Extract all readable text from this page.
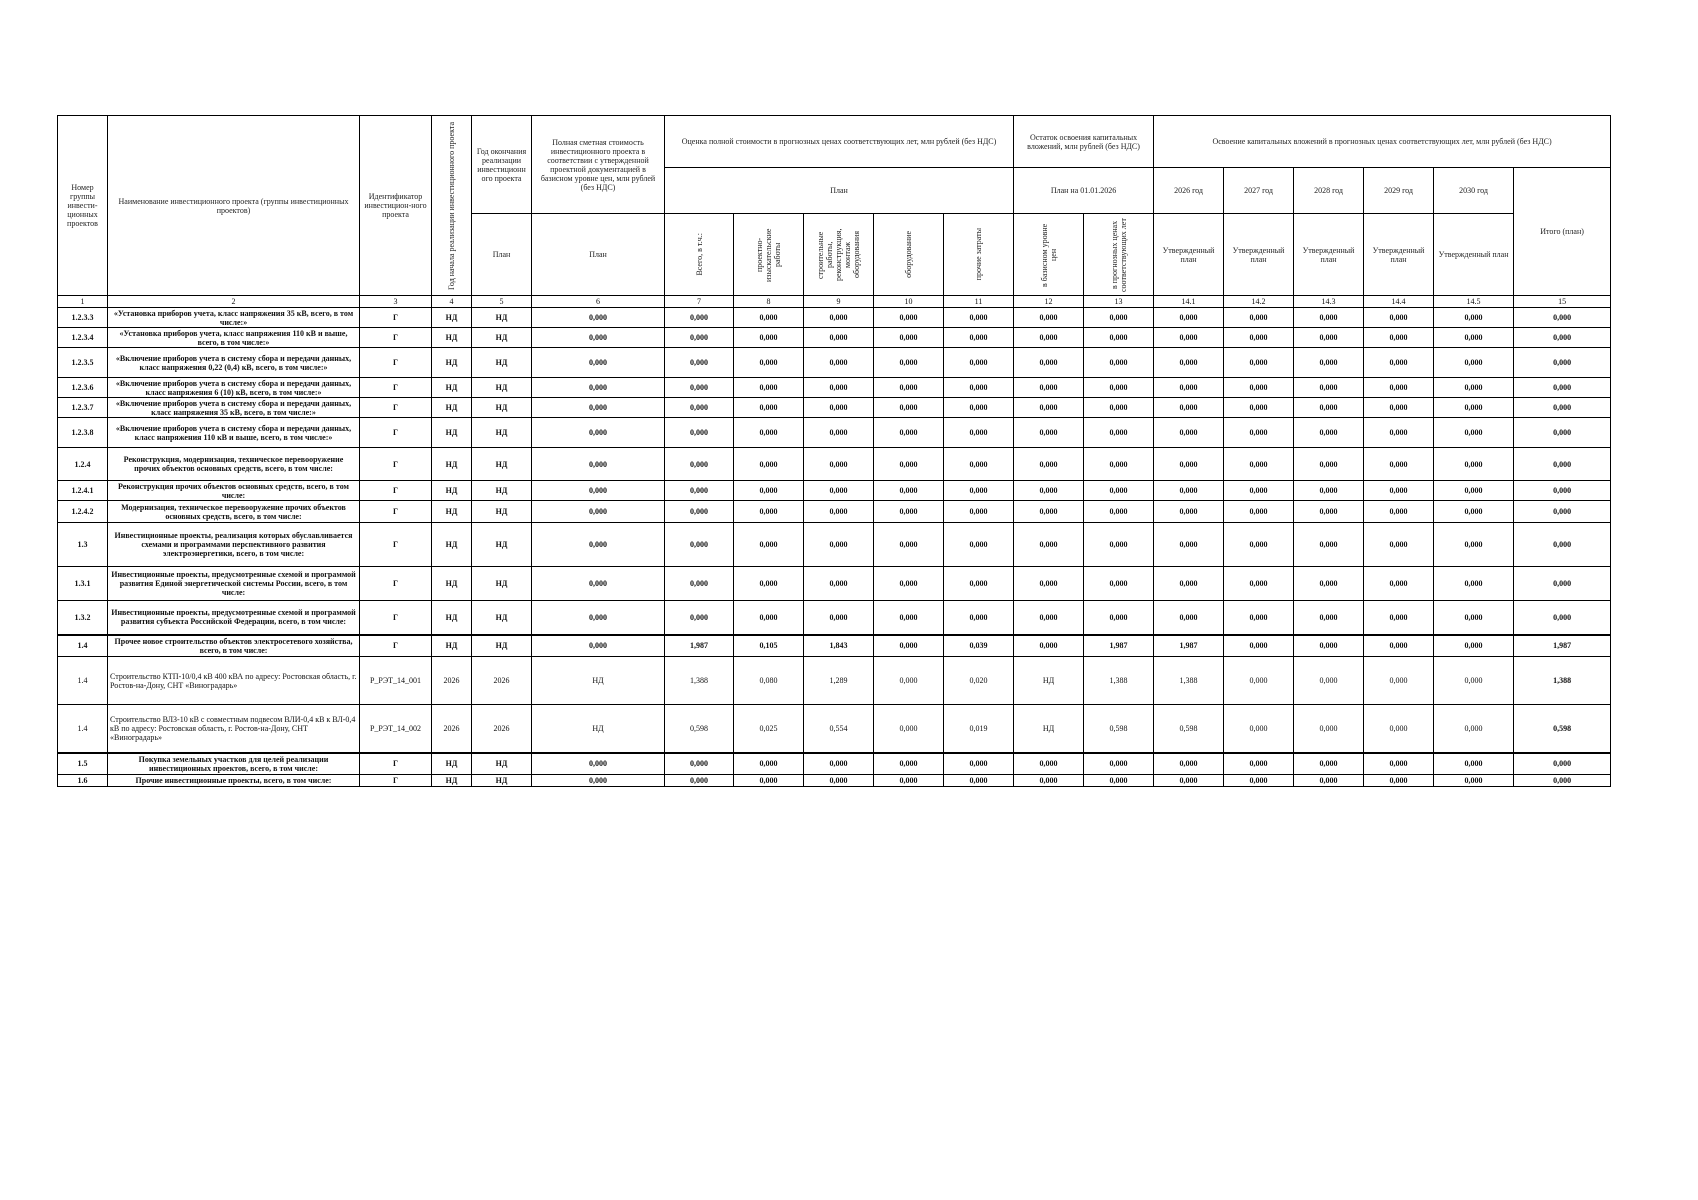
Номер группы инвести-ционных проектов	Наименование инвестиционного проекта (группы инвестиционных проектов)	Идентификатор инвестицион-ного проекта	Год начала реализации инвестиционного проекта	Год окончания реализации инвестиционн ого проекта	Полная сметная стоимость инвестиционного проекта в соответствии с утвержденной проектной документацией в базисном уровне цен, млн рублей (без НДС)	Оценка полной стоимости в прогнозных ценах соответствующих лет, млн рублей (без НДС)					Остаток освоения капитальных вложений, млн рублей (без НДС)		Освоение капитальных вложений в прогнозных ценах соответствующих лет, млн рублей (без НДС)					
						План					План на 01.01.2026		2026 год	2027 год	2028 год	2029 год	2030 год	Итого (план)

				План	План	Всего, в т.ч.:	проектно-изыскательские работы	строительные работы, реконструкция, монтаж оборудования	оборудование	прочие затраты	в базисном уровне цен	в прогнозных ценах соответствующих лет	Утвержденный план	Утвержденный план	Утвержденный план	Утвержденный план	Утвержденный план	
1	2	3	4	5	6	7	8	9	10	11	12	13	14.1	14.2	14.3	14.4	14.5	15
1.2.3.3	«Установка приборов учета, класс напряжения 35 кВ, всего, в том числе:»	Г	НД	НД	0,000	0,000	0,000	0,000	0,000	0,000	0,000	0,000	0,000	0,000	0,000	0,000	0,000	0,000
1.2.3.4	«Установка приборов учета, класс напряжения 110 кВ и выше, всего, в том числе:»	Г	НД	НД	0,000	0,000	0,000	0,000	0,000	0,000	0,000	0,000	0,000	0,000	0,000	0,000	0,000	0,000
1.2.3.5	«Включение приборов учета в систему сбора и передачи данных, класс напряжения 0,22 (0,4) кВ, всего, в том числе:»	Г	НД	НД	0,000	0,000	0,000	0,000	0,000	0,000	0,000	0,000	0,000	0,000	0,000	0,000	0,000	0,000
1.2.3.6	«Включение приборов учета в систему сбора и передачи данных, класс напряжения 6 (10) кВ, всего, в том числе:»	Г	НД	НД	0,000	0,000	0,000	0,000	0,000	0,000	0,000	0,000	0,000	0,000	0,000	0,000	0,000	0,000
1.2.3.7	«Включение приборов учета в систему сбора и передачи данных, класс напряжения 35 кВ, всего, в том числе:»	Г	НД	НД	0,000	0,000	0,000	0,000	0,000	0,000	0,000	0,000	0,000	0,000	0,000	0,000	0,000	0,000
1.2.3.8	«Включение приборов учета в систему сбора и передачи данных, класс напряжения 110 кВ и выше, всего, в том числе:»	Г	НД	НД	0,000	0,000	0,000	0,000	0,000	0,000	0,000	0,000	0,000	0,000	0,000	0,000	0,000	0,000
1.2.4	Реконструкция, модернизация, техническое перевооружение прочих объектов основных средств, всего, в том числе:	Г	НД	НД	0,000	0,000	0,000	0,000	0,000	0,000	0,000	0,000	0,000	0,000	0,000	0,000	0,000	0,000
1.2.4.1	Реконструкция прочих объектов основных средств, всего, в том числе:	Г	НД	НД	0,000	0,000	0,000	0,000	0,000	0,000	0,000	0,000	0,000	0,000	0,000	0,000	0,000	0,000
1.2.4.2	Модернизация, техническое перевооружение прочих объектов основных средств, всего, в том числе:	Г	НД	НД	0,000	0,000	0,000	0,000	0,000	0,000	0,000	0,000	0,000	0,000	0,000	0,000	0,000	0,000
1.3	Инвестиционные проекты, реализация которых обуславливается схемами и программами перспективного развития электроэнергетики, всего, в том числе:	Г	НД	НД	0,000	0,000	0,000	0,000	0,000	0,000	0,000	0,000	0,000	0,000	0,000	0,000	0,000	0,000
1.3.1	Инвестиционные проекты, предусмотренные схемой и программой развития Единой энергетической системы России, всего, в том числе:	Г	НД	НД	0,000	0,000	0,000	0,000	0,000	0,000	0,000	0,000	0,000	0,000	0,000	0,000	0,000	0,000
1.3.2	Инвестиционные проекты, предусмотренные схемой и программой развития субъекта Российской Федерации, всего, в том числе:	Г	НД	НД	0,000	0,000	0,000	0,000	0,000	0,000	0,000	0,000	0,000	0,000	0,000	0,000	0,000	0,000
1.4	Прочее новое строительство объектов электросетевого хозяйства, всего, в том числе:	Г	НД	НД	0,000	1,987	0,105	1,843	0,000	0,039	0,000	1,987	1,987	0,000	0,000	0,000	0,000	1,987
1.4	Строительство КТП-10/0,4 кВ 400 кВА по адресу: Ростовская область, г. Ростов-на-Дону, СНТ «Виноградарь»	P_РЭТ_14_001	2026	2026	НД	1,388	0,080	1,289	0,000	0,020	НД	1,388	1,388	0,000	0,000	0,000	0,000	1,388
1.4	Строительство ВЛЗ-10 кВ с совместным подвесом ВЛИ-0,4 кВ к ВЛ-0,4 кВ по адресу: Ростовская область, г. Ростов-на-Дону, СНТ «Виноградарь»	P_РЭТ_14_002	2026	2026	НД	0,598	0,025	0,554	0,000	0,019	НД	0,598	0,598	0,000	0,000	0,000	0,000	0,598
1.5	Покупка земельных участков для целей реализации инвестиционных проектов, всего, в том числе:	Г	НД	НД	0,000	0,000	0,000	0,000	0,000	0,000	0,000	0,000	0,000	0,000	0,000	0,000	0,000	0,000
1.6	Прочие инвестиционные проекты, всего, в том числе:	Г	НД	НД	0,000	0,000	0,000	0,000	0,000	0,000	0,000	0,000	0,000	0,000	0,000	0,000	0,000	0,000
